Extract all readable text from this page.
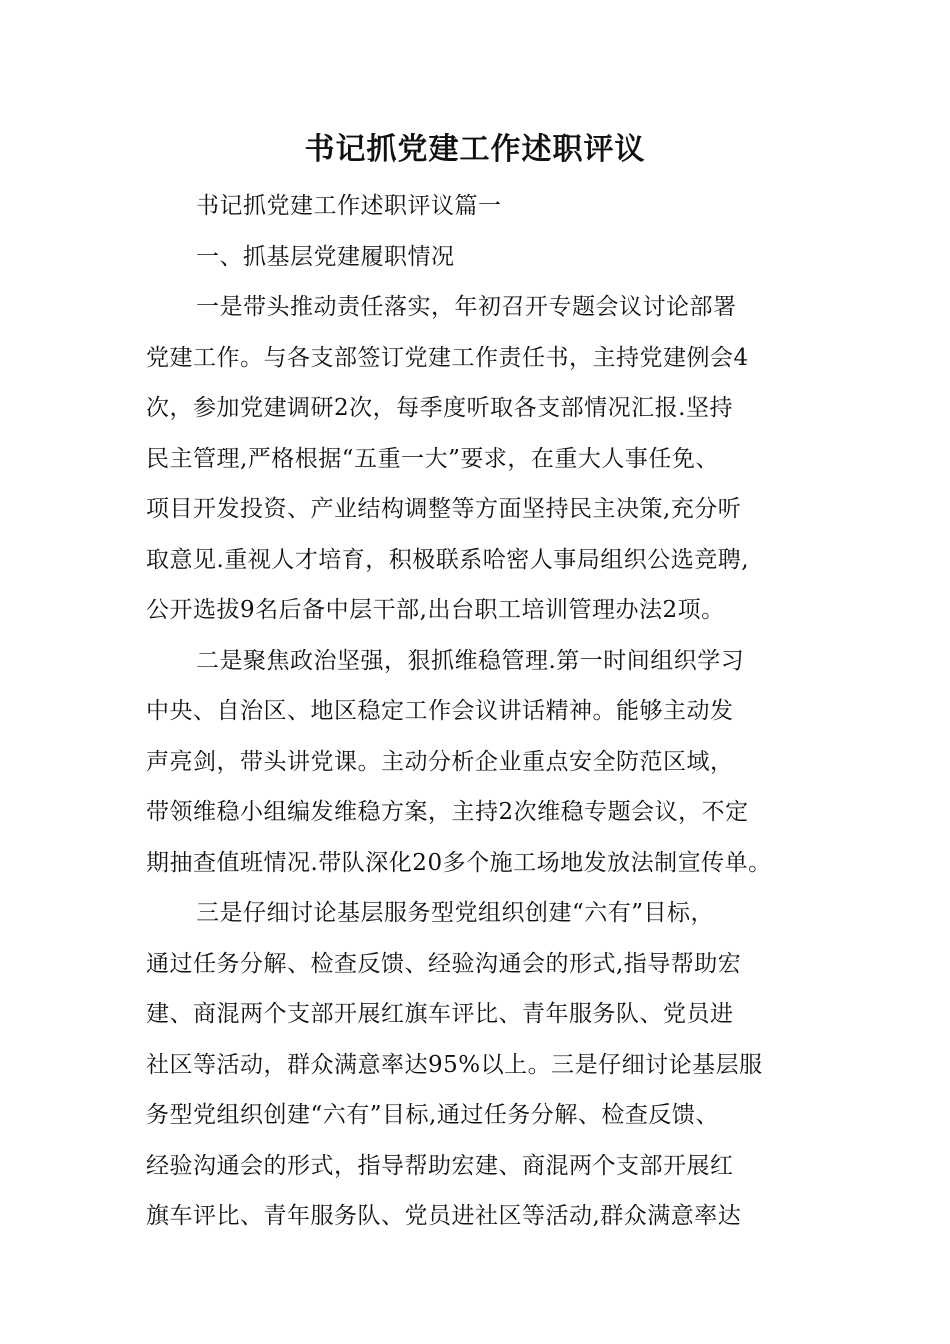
书记抓党建工作述职评议

书记抓党建工作述职评议篇一

一、抓基层党建履职情况

一是带头推动责任落实，年初召开专题会议讨论部署

党建工作。与各支部签订党建工作责任书，主持党建例会4

次，参加党建调研2次，每季度听取各支部情况汇报.坚持

民主管理,严格根据“五重一大”要求，在重大人事任免、

项目开发投资、产业结构调整等方面坚持民主决策,充分听

取意见.重视人才培育，积极联系哈密人事局组织公选竞聘,

公开选拔9名后备中层干部,出台职工培训管理办法2项。

二是聚焦政治坚强，狠抓维稳管理.第一时间组织学习

中央、自治区、地区稳定工作会议讲话精神。能够主动发

声亮剑，带头讲党课。主动分析企业重点安全防范区域，

带领维稳小组编发维稳方案，主持2次维稳专题会议，不定

期抽查值班情况.带队深化20多个施工场地发放法制宣传单。

三是仔细讨论基层服务型党组织创建“六有”目标，

通过任务分解、检查反馈、经验沟通会的形式,指导帮助宏

建、商混两个支部开展红旗车评比、青年服务队、党员进

社区等活动，群众满意率达95%以上。三是仔细讨论基层服

务型党组织创建“六有”目标,通过任务分解、检查反馈、

经验沟通会的形式，指导帮助宏建、商混两个支部开展红

旗车评比、青年服务队、党员进社区等活动,群众满意率达
